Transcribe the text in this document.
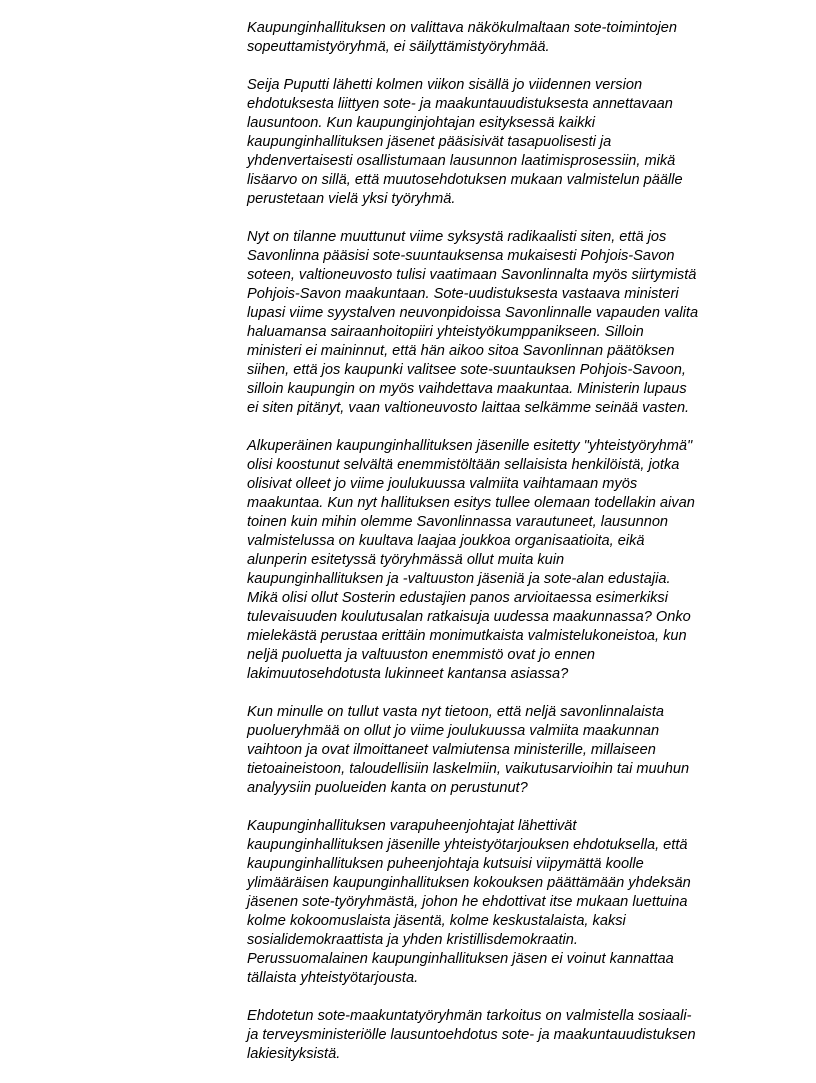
Kaupunginhallituksen on valittava näkökulmaltaan sote-toimintojen
sopeuttamistyöryhmä, ei säilyttämistyöryhmää.

Seija Puputti lähetti kolmen viikon sisällä jo viidennen version
ehdotuksesta liittyen sote- ja maakuntauudistuksesta annettavaan
lausuntoon. Kun kaupunginjohtajan esityksessä kaikki
kaupunginhallituksen jäsenet pääsisivät tasapuolisesti ja
yhdenvertaisesti osallistumaan lausunnon laatimisprosessiin, mikä
lisäarvo on sillä, että muutosehdotuksen mukaan valmistelun päälle
perustetaan vielä yksi työryhmä.

Nyt on tilanne muuttunut viime syksystä radikaalisti siten, että jos
Savonlinna pääsisi sote-suuntauksensa mukaisesti Pohjois-Savon
soteen, valtioneuvosto tulisi vaatimaan Savonlinnalta myös siirtymistä
Pohjois-Savon maakuntaan. Sote-uudistuksesta vastaava ministeri
lupasi viime syystalven neuvonpidoissa Savonlinnalle vapauden valita
haluamansa sairaanhoitopiiri yhteistyökumppanikseen. Silloin
ministeri ei maininnut, että hän aikoo sitoa Savonlinnan päätöksen
siihen, että jos kaupunki valitsee sote-suuntauksen Pohjois-Savoon,
silloin kaupungin on myös vaihdettava maakuntaa. Ministerin lupaus
ei siten pitänyt, vaan valtioneuvosto laittaa selkämme seinää vasten.

Alkuperäinen kaupunginhallituksen jäsenille esitetty "yhteistyöryhmä"
olisi koostunut selvältä enemmistöltään sellaisista henkilöistä, jotka
olisivat olleet jo viime joulukuussa valmiita vaihtamaan myös
maakuntaa. Kun nyt hallituksen esitys tullee olemaan todellakin aivan
toinen kuin mihin olemme Savonlinnassa varautuneet, lausunnon
valmistelussa on kuultava laajaa joukkoa organisaatioita, eikä
alunperin esitetyssä työryhmässä ollut muita kuin
kaupunginhallituksen ja -valtuuston jäseniä ja sote-alan edustajia.
Mikä olisi ollut Sosterin edustajien panos arvioitaessa esimerkiksi
tulevaisuuden koulutusalan ratkaisuja uudessa maakunnassa? Onko
mielekästä perustaa erittäin monimutkaista valmistelukoneistoa, kun
neljä puoluetta ja valtuuston enemmistö ovat jo ennen
lakimuutosehdotusta lukinneet kantansa asiassa?

Kun minulle on tullut vasta nyt tietoon, että neljä savonlinnalaista
puolueryhmää on ollut jo viime joulukuussa valmiita maakunnan
vaihtoon ja ovat ilmoittaneet valmiutensa ministerille, millaiseen
tietoaineistoon, taloudellisiin laskelmiin, vaikutusarvioihin tai muuhun
analyysiin puolueiden kanta on perustunut?

Kaupunginhallituksen varapuheenjohtajat lähettivät
kaupunginhallituksen jäsenille yhteistyötarjouksen ehdotuksella, että
kaupunginhallituksen puheenjohtaja kutsuisi viipymättä koolle
ylimääräisen kaupunginhallituksen kokouksen päättämään yhdeksän
jäsenen sote-työryhmästä, johon he ehdottivat itse mukaan luettuina
kolme kokoomuslaista jäsentä, kolme keskustalaista, kaksi
sosialidemokraattista ja yhden kristillisdemokraatin.
Perussuomalainen kaupunginhallituksen jäsen ei voinut kannattaa
tällaista yhteistyötarjousta.

Ehdotetun sote-maakuntatyöryhmän tarkoitus on valmistella sosiaali-
ja terveysministeriölle lausuntoehdotus sote- ja maakuntauudistuksen
lakiesityksistä.
